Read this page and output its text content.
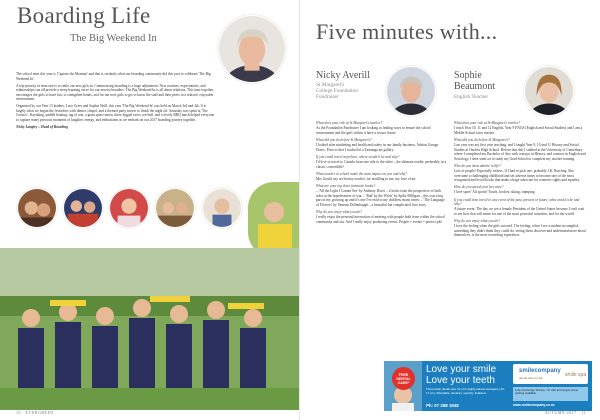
Boarding Life
The Big Weekend In

The school term this year is 'Capture the Moment' and that is certainly what our boarding community did this year to celebrate 'The Big Weekend In'.

A trip-priority in term one is to settle our new girls in. Commencing boarding is a huge adjustment. New routines, expectations, and relationships can all provide a steep learning curve for our newest boarders. The Big Weekend In is all about relations. This time together, encourages the girls to have fun, to strengthen bonds, and for our new girls to get to know the staff and their peers in a relaxed, enjoyable environment.

Organised by our Year 13 leaders, Lucy Greer and Sophia Neill, this year 'The Big Weekend In' was held on March 3rd and 4th. It is largely what we began the festivities with dinner, chapel, and a themed party movie to finish the night off. Saturday was spent at 'The Grotto's'. Kayaking, paddle boating, tug of war, a giant space moon, three legged races, tee-ball, and a lovely BBQ lunch helped everyone to capture many precious moments of laughter, energy, and enthusiasm as we embark on our 2017 boarding journey together.

Nicky Langley – Head of Boarding

10   EVERGREEN
Five minutes with...
Nicky Averill
St Margaret's
College Foundation
Fundraiser
Sophie
Beaumont
English Teacher
What does your role at St Margaret's involve?

As the Foundation Fundraiser I am looking at finding ways to ensure the school environment and the girls within it have a secure future.

What did you do before St Margaret's?

I looked after marketing and health and safety in our family business, Ashton Garage Doors. Prior to that I worked in a Tauranga art gallery.

If you could travel anywhere, where would it be and why?

I'd love to travel to Canada from one side to the other – the ultimate roadie, preferably in a classic convertible!

What teacher in school made the most impact on you and why?

Mrs Gould, my art history teacher, for instilling in me, my love of art.

What are your top three favourite books?

– 'All the Light I Cannot See' by Anthony Doerr – it looks from the perspective of both sides at the hopelessness of war. – 'Bad' by the Witch' by Spike Milligan – this was a big part of my growing up and it's one I've read to my children, many times. – 'The Language of Flowers' by Vanessa Diffenbaugh – a beautiful but complicated love story.

Why do you enjoy what you do?

I really enjoy the personal interaction of meeting with people both from within the school community and out. And I really enjoy producing events. People + events = perfect job!

What does your role at St Margaret's involve?

I teach Year 10, 11 and 12 English, Year 9 ENGS (English and Social Studies) and I am a Middle School tutor teacher.

What did you do before St Margaret's?

Last year was my first year teaching, and I taught Year 9, 10 and 11 History and Social Studies at Onslow High School. Before that did, I studied at the University of Canterbury where I completed my Bachelor of Arts with a major in History, and a minor in English and Sociology. I then went on to study my Grad School to complete my teacher training.

Who do you most admire in life?

Lots of people! Especially writers. If I had to pick one, probably J.K. Rowling. She overcame a challenging childhood and set adverse times to become one of the most recognised and loved books that make a huge advocate for women's rights and equality.

How do you spend your free time?

I love sport! All sports! Touch, hockey, skiing, tramping.

If you could time travel to any event of the past, present or future, what would it be and why?

A future event. The day we see a female President of the United States because I can't wait to see how that will mean for one of the most powerful countries, and for the world.

Why do you enjoy what you do?

I love the feeling when the girls succeed. The feeling, when I see a student accomplish something they didn't think they could do, seeing them discover and understand more about themselves, is the most rewarding experience.

FREE DENTAL CARE*
Love your smile
Love your teeth
Three basic dental care for your highly-trained teenagers (13-17 yrs). Affordable, dentistry, expertly, finalised.
Ph: 07 268 1948
smilecompany
dental care for life	smile spa
1/4a Cambridge Terrace, On with and simple street parking available.
www.smilecompany.co.nz
AUTUMN 2017   11
